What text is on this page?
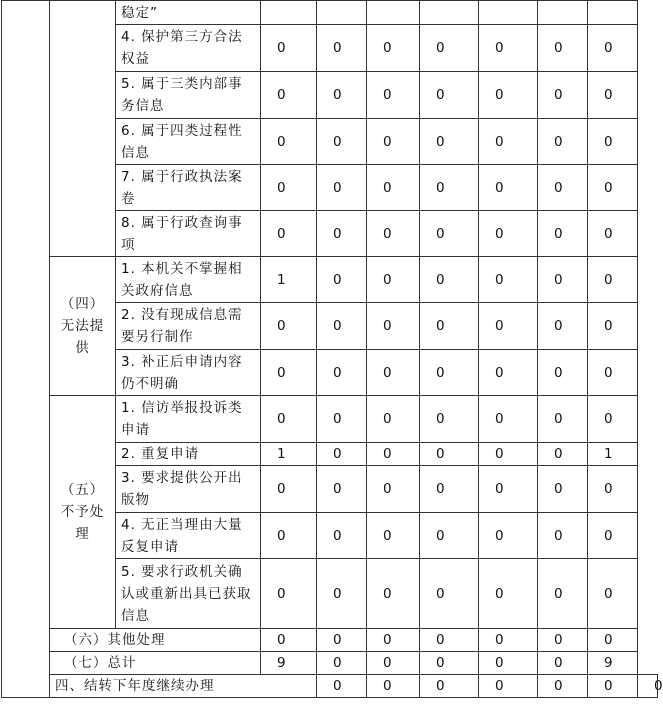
		稳定”								
		4. 保护第三方合法权益	0	0	0	0	0	0	0	
		5. 属于三类内部事务信息	0	0	0	0	0	0	0	
		6. 属于四类过程性信息	0	0	0	0	0	0	0	
		7. 属于行政执法案卷	0	0	0	0	0	0	0	
		8. 属于行政查询事项	0	0	0	0	0	0	0	
	（四）无法提供	1. 本机关不掌握相关政府信息	1	0	0	0	0	0	0	
		2. 没有现成信息需要另行制作	0	0	0	0	0	0	0	
		3. 补正后申请内容仍不明确	0	0	0	0	0	0	0	
	（五）不予处理	1. 信访举报投诉类申请	0	0	0	0	0	0	0	
		2. 重复申请	1	0	0	0	0	0	1	
		3. 要求提供公开出版物	0	0	0	0	0	0	0	
		4. 无正当理由大量反复申请	0	0	0	0	0	0	0	
		5. 要求行政机关确认或重新出具已获取信息	0	0	0	0	0	0	0	
	（六）其他处理		0	0	0	0	0	0	0	
	（七）总计		9	0	0	0	0	0	9	
	四、结转下年度继续办理			0	0	0	0	0	0	0
